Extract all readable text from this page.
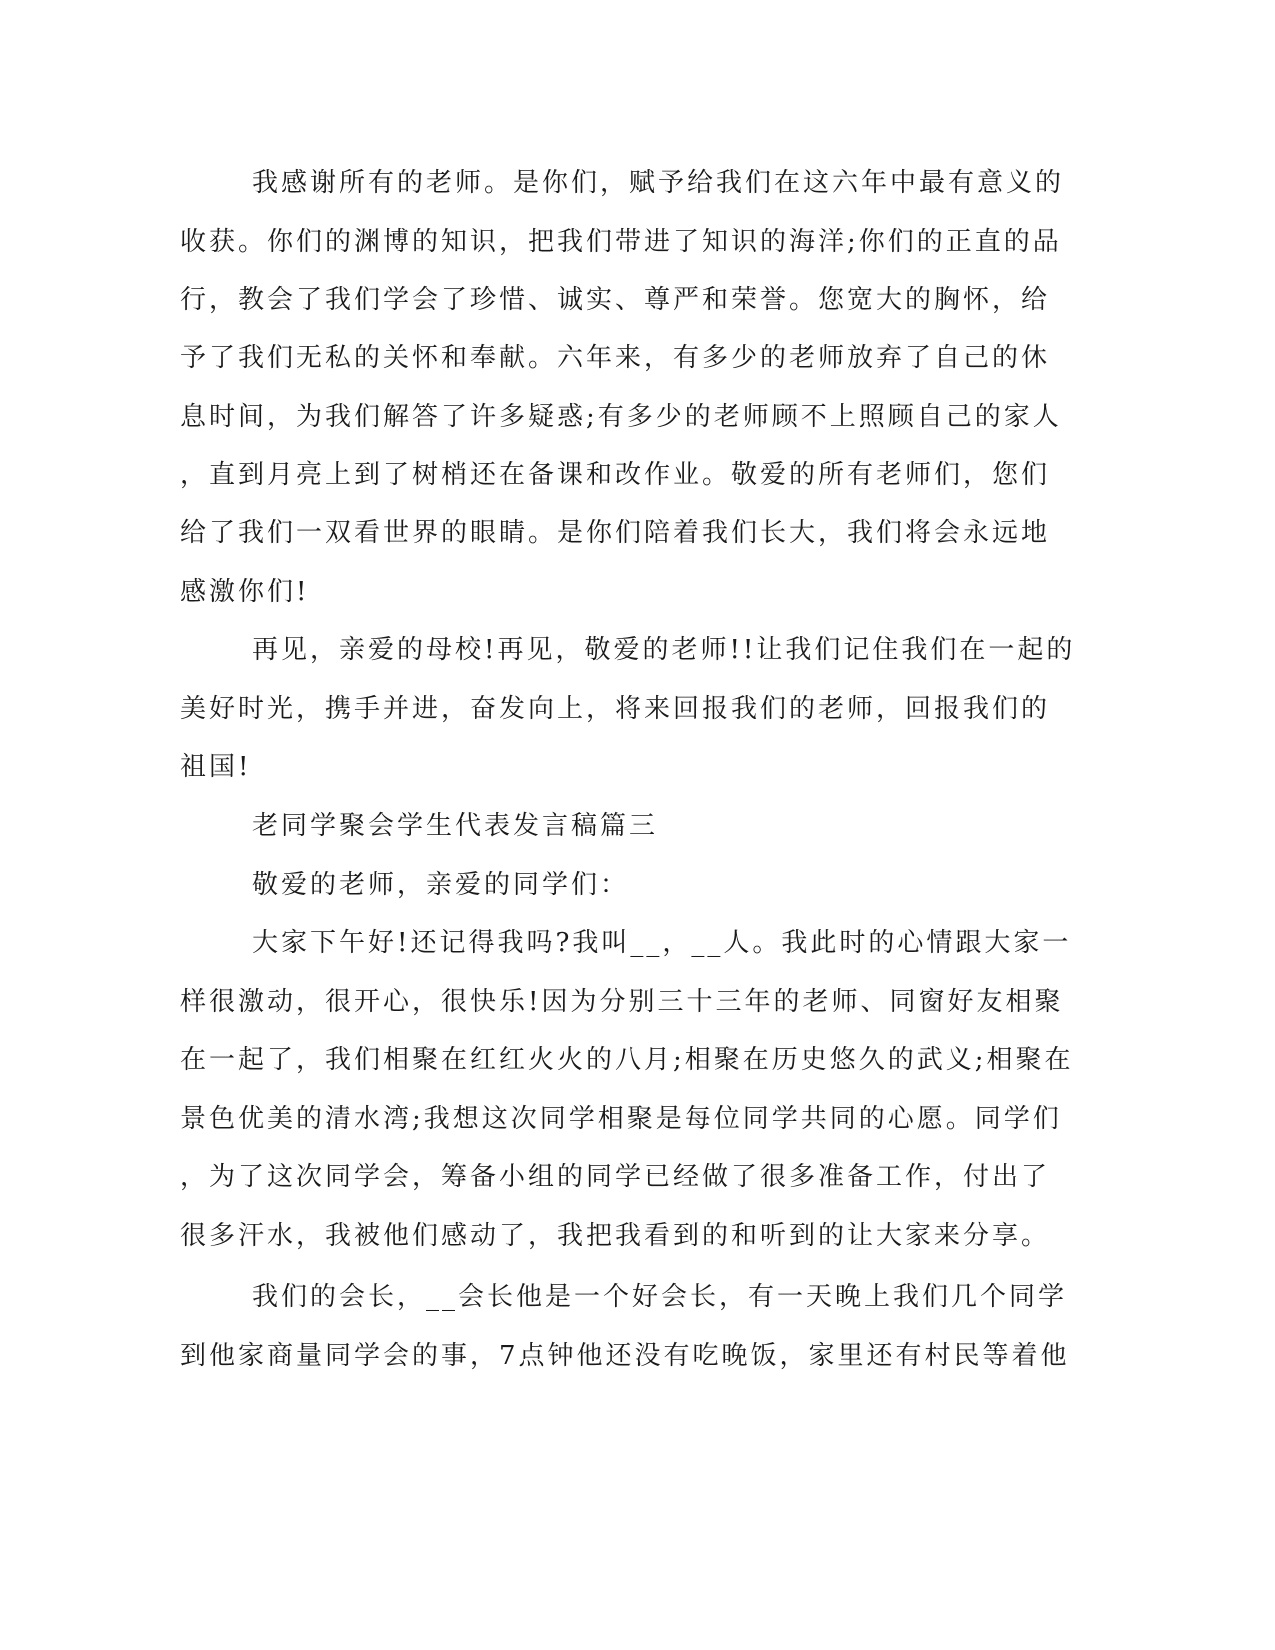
我感谢所有的老师。是你们，赋予给我们在这六年中最有意义的
收获。你们的渊博的知识，把我们带进了知识的海洋;你们的正直的品
行，教会了我们学会了珍惜、诚实、尊严和荣誉。您宽大的胸怀，给
予了我们无私的关怀和奉献。六年来，有多少的老师放弃了自己的休
息时间，为我们解答了许多疑惑;有多少的老师顾不上照顾自己的家人
，直到月亮上到了树梢还在备课和改作业。敬爱的所有老师们，您们
给了我们一双看世界的眼睛。是你们陪着我们长大，我们将会永远地
感激你们!
再见，亲爱的母校!再见，敬爱的老师!!让我们记住我们在一起的
美好时光，携手并进，奋发向上，将来回报我们的老师，回报我们的
祖国!
老同学聚会学生代表发言稿篇三
敬爱的老师，亲爱的同学们：
大家下午好!还记得我吗?我叫__，__人。我此时的心情跟大家一
样很激动，很开心，很快乐!因为分别三十三年的老师、同窗好友相聚
在一起了，我们相聚在红红火火的八月;相聚在历史悠久的武义;相聚在
景色优美的清水湾;我想这次同学相聚是每位同学共同的心愿。同学们
，为了这次同学会，筹备小组的同学已经做了很多准备工作，付出了
很多汗水，我被他们感动了，我把我看到的和听到的让大家来分享。
我们的会长，__会长他是一个好会长，有一天晚上我们几个同学
到他家商量同学会的事，7点钟他还没有吃晚饭，家里还有村民等着他
